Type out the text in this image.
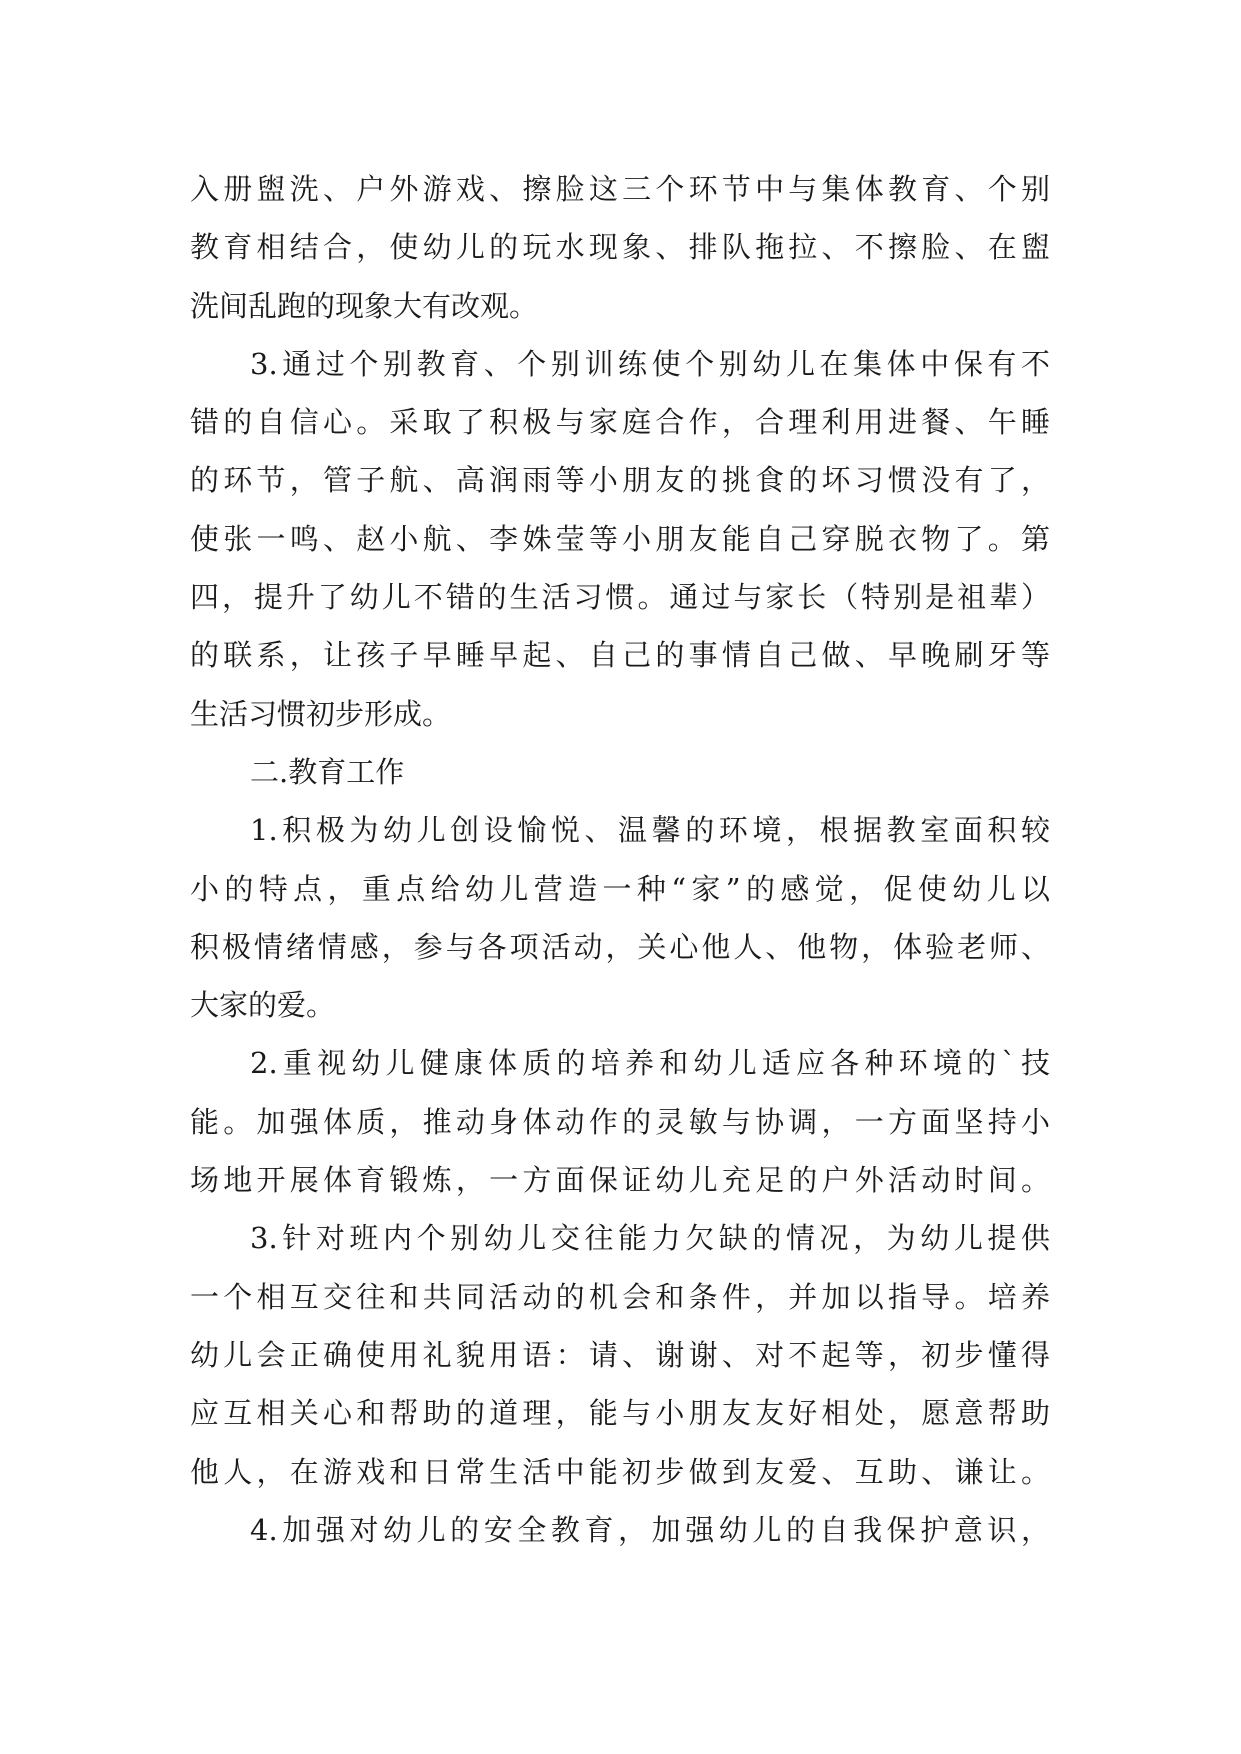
入册盥洗、户外游戏、擦脸这三个环节中与集体教育、个别
教育相结合，使幼儿的玩水现象、排队拖拉、不擦脸、在盥
洗间乱跑的现象大有改观。
3.通过个别教育、个别训练使个别幼儿在集体中保有不
错的自信心。采取了积极与家庭合作，合理利用进餐、午睡
的环节，管子航、高润雨等小朋友的挑食的坏习惯没有了，
使张一鸣、赵小航、李姝莹等小朋友能自己穿脱衣物了。第
四，提升了幼儿不错的生活习惯。通过与家长（特别是祖辈）
的联系，让孩子早睡早起、自己的事情自己做、早晚刷牙等
生活习惯初步形成。
二.教育工作
1.积极为幼儿创设愉悦、温馨的环境，根据教室面积较
小的特点，重点给幼儿营造一种“家”的感觉，促使幼儿以
积极情绪情感，参与各项活动，关心他人、他物，体验老师、
大家的爱。
2.重视幼儿健康体质的培养和幼儿适应各种环境的`技
能。加强体质，推动身体动作的灵敏与协调，一方面坚持小
场地开展体育锻炼，一方面保证幼儿充足的户外活动时间。
3.针对班内个别幼儿交往能力欠缺的情况，为幼儿提供
一个相互交往和共同活动的机会和条件，并加以指导。培养
幼儿会正确使用礼貌用语：请、谢谢、对不起等，初步懂得
应互相关心和帮助的道理，能与小朋友友好相处，愿意帮助
他人，在游戏和日常生活中能初步做到友爱、互助、谦让。
4.加强对幼儿的安全教育，加强幼儿的自我保护意识，
